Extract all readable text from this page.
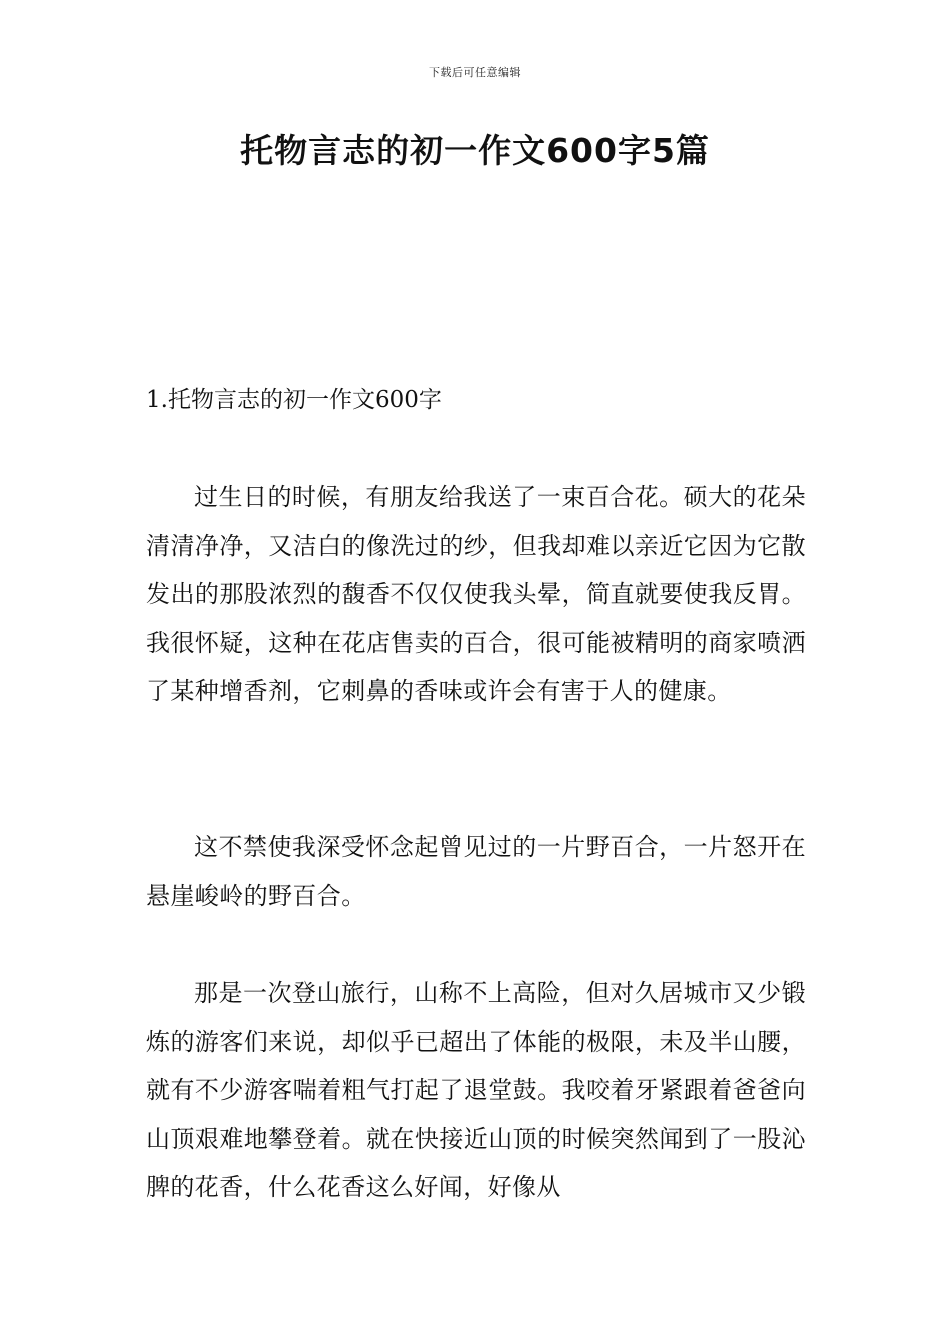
下载后可任意编辑
托物言志的初一作文600字5篇
1.托物言志的初一作文600字

过生日的时候，有朋友给我送了一束百合花。硕大的花朵清清净净，又洁白的像洗过的纱，但我却难以亲近它因为它散发出的那股浓烈的馥香不仅仅使我头晕，简直就要使我反胃。我很怀疑，这种在花店售卖的百合，很可能被精明的商家喷洒了某种增香剂，它刺鼻的香味或许会有害于人的健康。

这不禁使我深受怀念起曾见过的一片野百合，一片怒开在悬崖峻岭的野百合。

那是一次登山旅行，山称不上高险，但对久居城市又少锻炼的游客们来说，却似乎已超出了体能的极限，未及半山腰，就有不少游客喘着粗气打起了退堂鼓。我咬着牙紧跟着爸爸向山顶艰难地攀登着。就在快接近山顶的时候突然闻到了一股沁脾的花香，什么花香这么好闻，好像从
